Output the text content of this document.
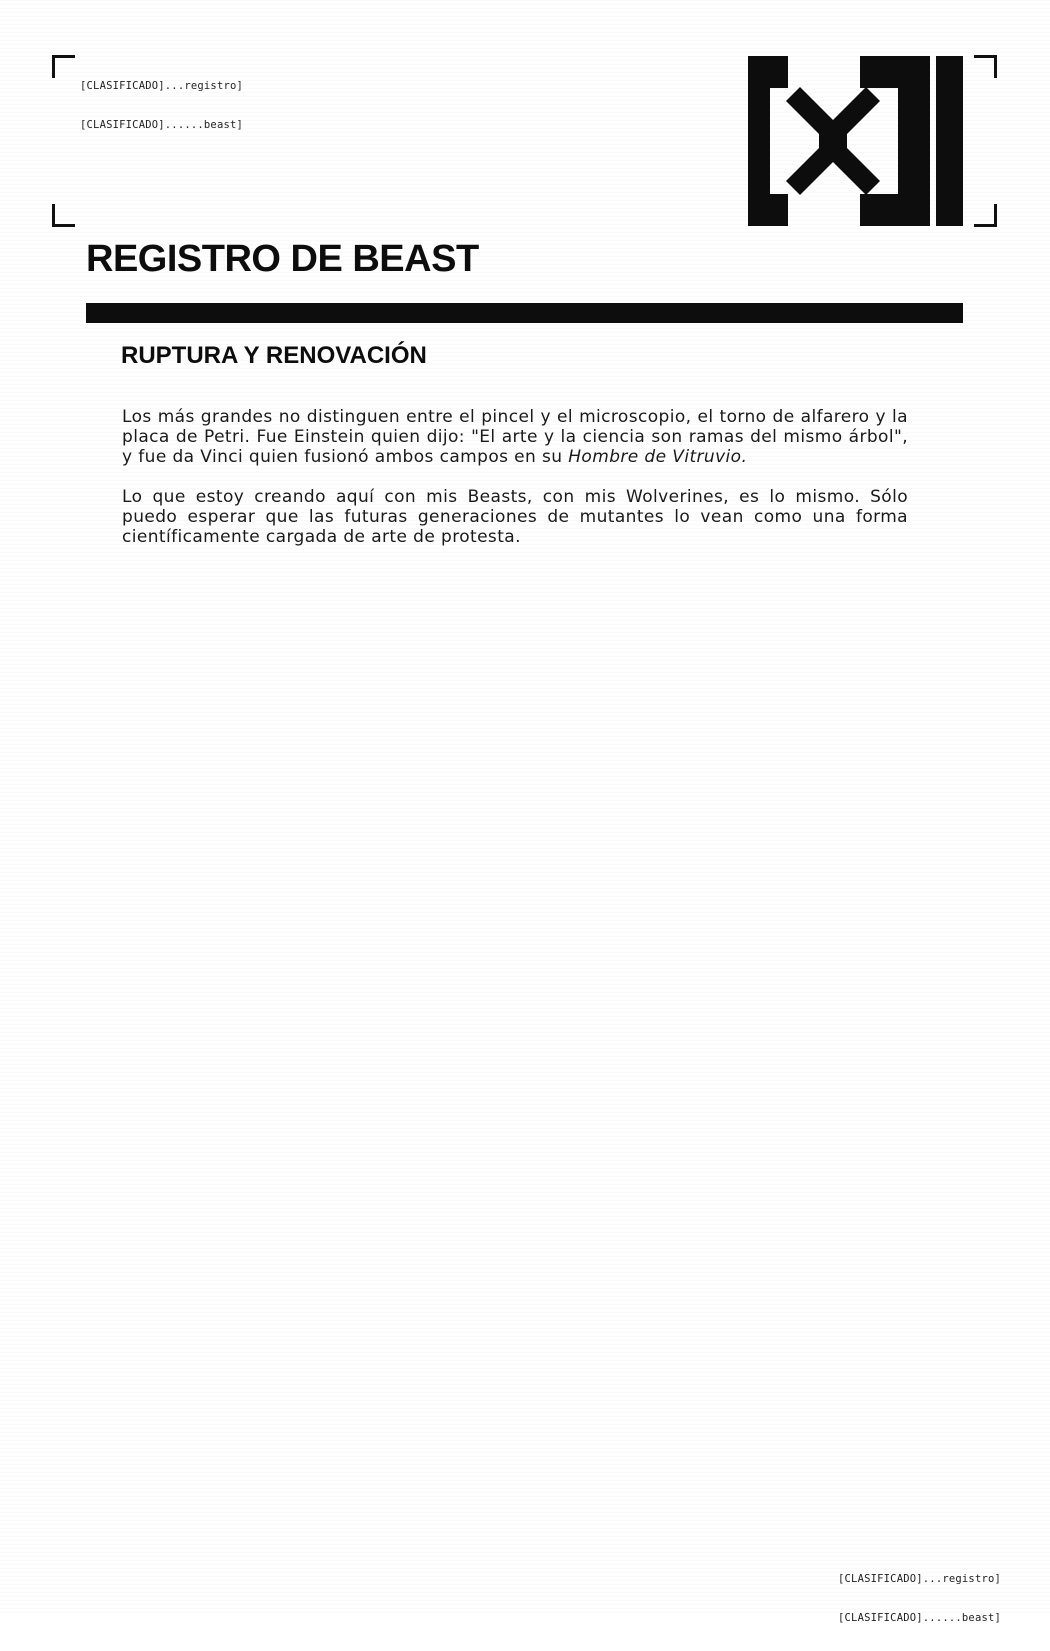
[CLASIFICADO]...registro]

[CLASIFICADO]......beast]

REGISTRO DE BEAST
RUPTURA Y RENOVACIÓN

Los más grandes no distinguen entre el pincel y el microscopio, el torno de alfarero y la placa de Petri. Fue Einstein quien dijo: "El arte y la ciencia son ramas del mismo árbol", y fue da Vinci quien fusionó ambos campos en su Hombre de Vitruvio.

Lo que estoy creando aquí con mis Beasts, con mis Wolverines, es lo mismo. Sólo puedo esperar que las futuras generaciones de mutantes lo vean como una forma científicamente cargada de arte de protesta.

[CLASIFICADO]...registro]

[CLASIFICADO]......beast]
